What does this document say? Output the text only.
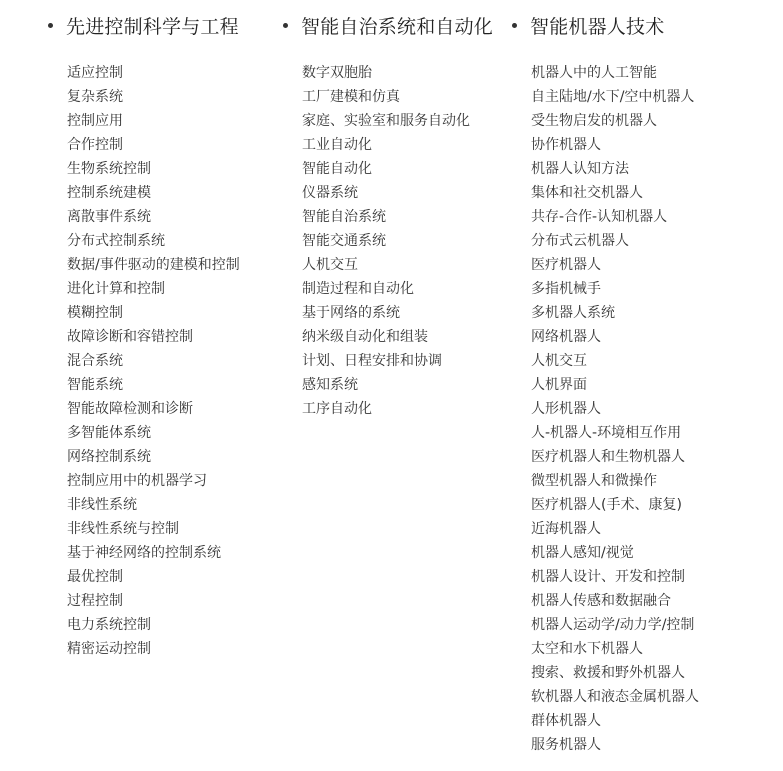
先进控制科学与工程
适应控制
复杂系统
控制应用
合作控制
生物系统控制
控制系统建模
离散事件系统
分布式控制系统
数据/事件驱动的建模和控制
进化计算和控制
模糊控制
故障诊断和容错控制
混合系统
智能系统
智能故障检测和诊断
多智能体系统
网络控制系统
控制应用中的机器学习
非线性系统
非线性系统与控制
基于神经网络的控制系统
最优控制
过程控制
电力系统控制
精密运动控制
智能自治系统和自动化
数字双胞胎
工厂建模和仿真
家庭、实验室和服务自动化
工业自动化
智能自动化
仪器系统
智能自治系统
智能交通系统
人机交互
制造过程和自动化
基于网络的系统
纳米级自动化和组装
计划、日程安排和协调
感知系统
工序自动化
智能机器人技术
机器人中的人工智能
自主陆地/水下/空中机器人
受生物启发的机器人
协作机器人
机器人认知方法
集体和社交机器人
共存-合作-认知机器人
分布式云机器人
医疗机器人
多指机械手
多机器人系统
网络机器人
人机交互
人机界面
人形机器人
人-机器人-环境相互作用
医疗机器人和生物机器人
微型机器人和微操作
医疗机器人(手术、康复)
近海机器人
机器人感知/视觉
机器人设计、开发和控制
机器人传感和数据融合
机器人运动学/动力学/控制
太空和水下机器人
搜索、救援和野外机器人
软机器人和液态金属机器人
群体机器人
服务机器人
